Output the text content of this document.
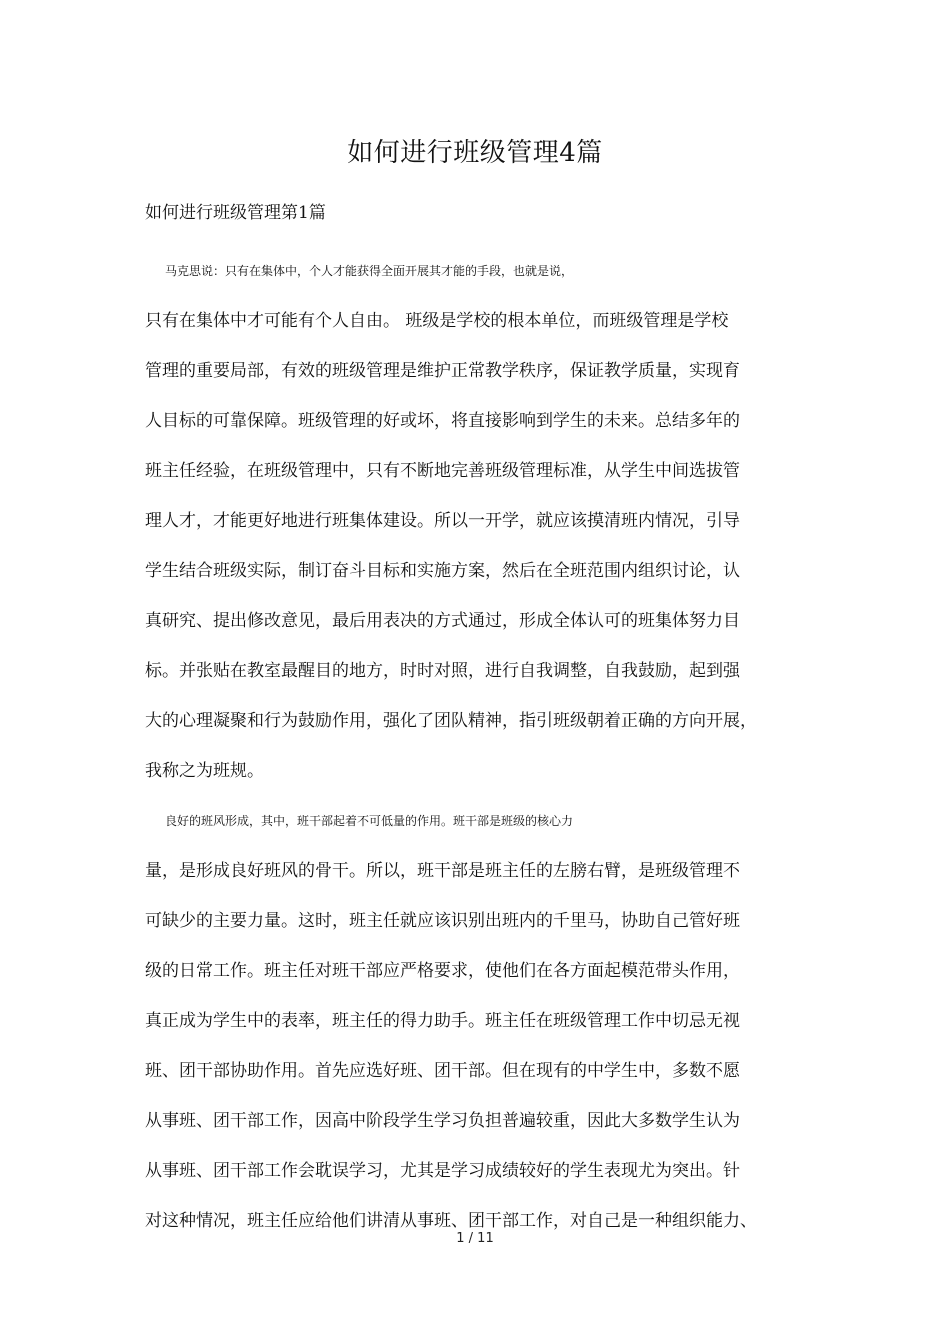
如何进行班级管理4篇
如何进行班级管理第1篇

马克思说：只有在集体中，个人才能获得全面开展其才能的手段，也就是说，
只有在集体中才可能有个人自由。 班级是学校的根本单位，而班级管理是学校
管理的重要局部，有效的班级管理是维护正常教学秩序，保证教学质量，实现育
人目标的可靠保障。班级管理的好或坏，将直接影响到学生的未来。总结多年的
班主任经验，在班级管理中，只有不断地完善班级管理标准，从学生中间选拔管
理人才，才能更好地进行班集体建设。所以一开学，就应该摸清班内情况，引导
学生结合班级实际，制订奋斗目标和实施方案，然后在全班范围内组织讨论，认
真研究、提出修改意见，最后用表决的方式通过，形成全体认可的班集体努力目
标。并张贴在教室最醒目的地方，时时对照，进行自我调整，自我鼓励，起到强
大的心理凝聚和行为鼓励作用，强化了团队精神，指引班级朝着正确的方向开展，
我称之为班规。

良好的班风形成，其中，班干部起着不可低量的作用。班干部是班级的核心力
量，是形成良好班风的骨干。所以，班干部是班主任的左膀右臂，是班级管理不
可缺少的主要力量。这时，班主任就应该识别出班内的千里马，协助自己管好班
级的日常工作。班主任对班干部应严格要求，使他们在各方面起模范带头作用，
真正成为学生中的表率，班主任的得力助手。班主任在班级管理工作中切忌无视
班、团干部协助作用。首先应选好班、团干部。但在现有的中学生中，多数不愿
从事班、团干部工作，因高中阶段学生学习负担普遍较重，因此大多数学生认为
从事班、团干部工作会耽误学习，尤其是学习成绩较好的学生表现尤为突出。针
对这种情况，班主任应给他们讲清从事班、团干部工作，对自己是一种组织能力、

1 / 11
